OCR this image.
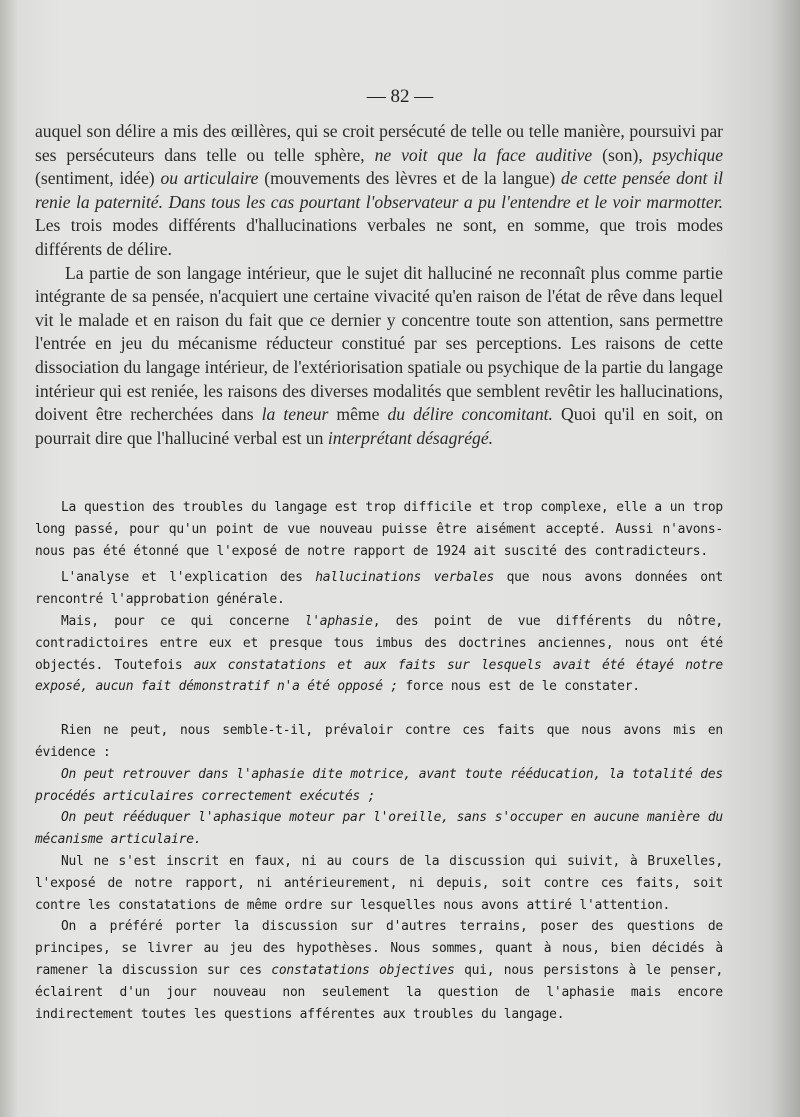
— 82 —

auquel son délire a mis des œillères, qui se croit persécuté de telle ou telle manière, poursuivi par ses persécuteurs dans telle ou telle sphère, ne voit que la face auditive (son), psychique (sentiment, idée) ou articulaire (mouvements des lèvres et de la langue) de cette pensée dont il renie la paternité. Dans tous les cas pourtant l'observateur a pu l'entendre et le voir marmotter. Les trois modes différents d'hallucinations verbales ne sont, en somme, que trois modes différents de délire.

La partie de son langage intérieur, que le sujet dit halluciné ne reconnaît plus comme partie intégrante de sa pensée, n'acquiert une certaine vivacité qu'en raison de l'état de rêve dans lequel vit le malade et en raison du fait que ce dernier y concentre toute son attention, sans permettre l'entrée en jeu du mécanisme réducteur constitué par ses perceptions. Les raisons de cette dissociation du langage intérieur, de l'extériorisation spatiale ou psychique de la partie du langage intérieur qui est reniée, les raisons des diverses modalités que semblent revêtir les hallucinations, doivent être recherchées dans la teneur même du délire concomitant. Quoi qu'il en soit, on pourrait dire que l'halluciné verbal est un interprétant désagrégé.

La question des troubles du langage est trop difficile et trop complexe, elle a un trop long passé, pour qu'un point de vue nouveau puisse être aisément accepté. Aussi n'avons-nous pas été étonné que l'exposé de notre rapport de 1924 ait suscité des contradicteurs.

L'analyse et l'explication des hallucinations verbales que nous avons données ont rencontré l'approbation générale.

Mais, pour ce qui concerne l'aphasie, des point de vue différents du nôtre, contradictoires entre eux et presque tous imbus des doctrines anciennes, nous ont été objectés. Toutefois aux constatations et aux faits sur lesquels avait été étayé notre exposé, aucun fait démonstratif n'a été opposé ; force nous est de le constater.

Rien ne peut, nous semble-t-il, prévaloir contre ces faits que nous avons mis en évidence :

On peut retrouver dans l'aphasie dite motrice, avant toute rééducation, la totalité des procédés articulaires correctement exécutés ;

On peut rééduquer l'aphasique moteur par l'oreille, sans s'occuper en aucune manière du mécanisme articulaire.

Nul ne s'est inscrit en faux, ni au cours de la discussion qui suivit, à Bruxelles, l'exposé de notre rapport, ni antérieurement, ni depuis, soit contre ces faits, soit contre les constatations de même ordre sur lesquelles nous avons attiré l'attention.

On a préféré porter la discussion sur d'autres terrains, poser des questions de principes, se livrer au jeu des hypothèses. Nous sommes, quant à nous, bien décidés à ramener la discussion sur ces constatations objectives qui, nous persistons à le penser, éclairent d'un jour nouveau non seulement la question de l'aphasie mais encore indirectement toutes les questions afférentes aux troubles du langage.
